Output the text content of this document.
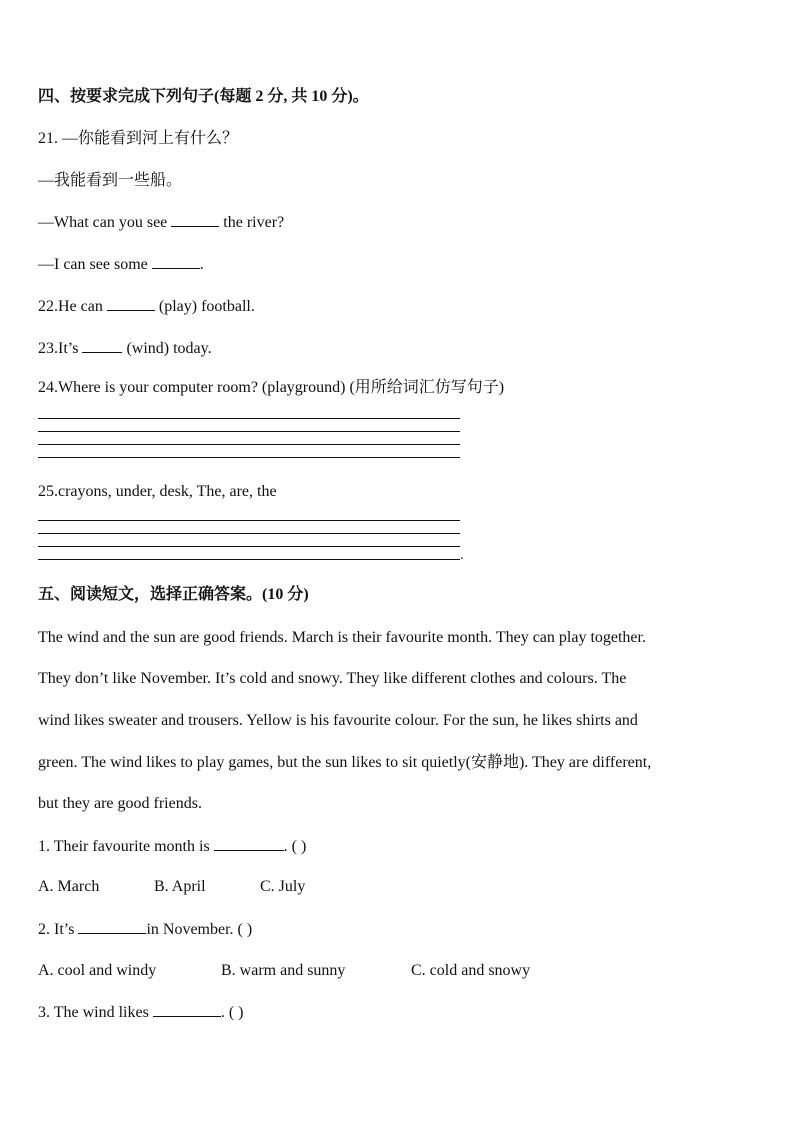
四、按要求完成下列句子(每题 2 分, 共 10 分)。
21. —你能看到河上有什么？
—我能看到一些船。
—What can you see	the river?
—I can see some	.
22.He can	(play) football.
23.It’s	(wind) today.
24.Where is your computer room? (playground) (用所给词汇仿写句子)
25.crayons, under, desk, The, are, the
.
五、阅读短文，选择正确答案。(10 分)
The wind and the sun are good friends. March is their favourite month. They can play together.
They don’t like November. It’s cold and snowy. They like different clothes and colours. The
wind likes sweater and trousers. Yellow is his favourite colour. For the sun, he likes shirts and
green. The wind likes to play games, but the sun likes to sit quietly(安静地). They are different,
but they are good friends.
1. Their favourite month is	. ( )
A. March	B. April	C. July
2. It’s	in November. ( )
A. cool and windy	B. warm and sunny	C. cold and snowy
3. The wind likes	. ( )
